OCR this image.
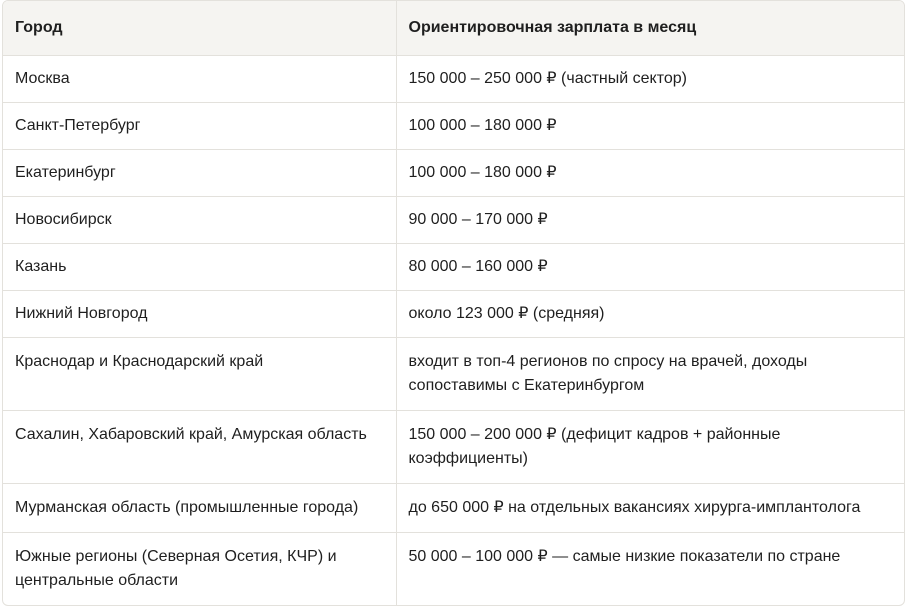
Город	Ориентировочная зарплата в месяц
Москва	150 000 – 250 000 ₽ (частный сектор)
Санкт-Петербург	100 000 – 180 000 ₽
Екатеринбург	100 000 – 180 000 ₽
Новосибирск	90 000 – 170 000 ₽
Казань	80 000 – 160 000 ₽
Нижний Новгород	около 123 000 ₽ (средняя)
Краснодар и Краснодарский край	входит в топ-4 регионов по спросу на врачей, доходы сопоставимы с Екатеринбургом
Сахалин, Хабаровский край, Амурская область	150 000 – 200 000 ₽ (дефицит кадров + районные коэффициенты)
Мурманская область (промышленные города)	до 650 000 ₽ на отдельных вакансиях хирурга-имплантолога
Южные регионы (Северная Осетия, КЧР) и центральные области	50 000 – 100 000 ₽ — самые низкие показатели по стране
